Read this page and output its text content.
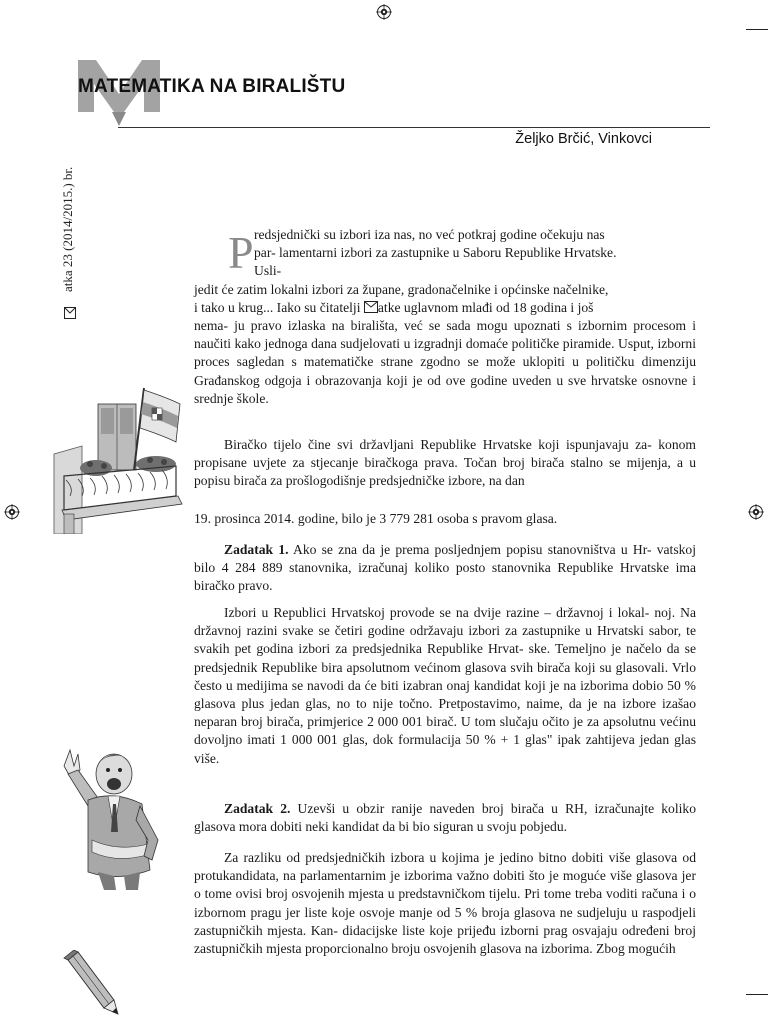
MATEMATIKA NA BIRALIŠTU
Željko Brčić, Vinkovci
atka 23 (2014/2015.) br.	P redsjednički su izbori iza nas, no već potkraj godine očekuju nas
par- lamentarni izbori za zastupnike u Saboru Republike Hrvatske.
Usli-
jedit će zatim lokalni izbori za župane, gradonačelnike i općinske načelnike,
i tako u krug... Iako su čitatelji atke uglavnom mlađi od 18 godina i još
nema- ju pravo izlaska na birališta, već se sada mogu upoznati s izbornim procesom i naučiti kako jednoga dana sudjelovati u izgradnji domaće političke piramide. Usput, izborni proces sagledan s matematičke strane zgodno se može uklopiti u političku dimenziju Građanskog odgoja i obrazovanja koji je od ove godine uveden u sve hrvatske osnovne i srednje škole.
Biračko tijelo čine svi državljani Republike Hrvatske koji ispunjavaju za- konom propisane uvjete za stjecanje biračkoga prava. Točan broj birača stalno se mijenja, a u popisu birača za prošlogodišnje predsjedničke izbore, na dan
19. prosinca 2014. godine, bilo je 3 779 281 osoba s pravom glasa.
Zadatak 1. Ako se zna da je prema posljednjem popisu stanovništva u Hr- vatskoj bilo 4 284 889 stanovnika, izračunaj koliko posto stanovnika Republike Hrvatske ima biračko pravo.
Izbori u Republici Hrvatskoj provode se na dvije razine – državnoj i lokal- noj. Na državnoj razini svake se četiri godine održavaju izbori za zastupnike u Hrvatski sabor, te svakih pet godina izbori za predsjednika Republike Hrvat- ske. Temeljno je načelo da se predsjednik Republike bira apsolutnom većinom glasova svih birača koji su glasovali. Vrlo često u medijima se navodi da će biti izabran onaj kandidat koji je na izborima dobio 50 % glasova plus jedan glas, no to nije točno. Pretpostavimo, naime, da je na izbore izašao neparan broj birača, primjerice 2 000 001 birač. U tom slučaju očito je za apsolutnu većinu dovoljno imati 1 000 001 glas, dok formulacija 50 % + 1 glas" ipak zahtijeva jedan glas više.
Zadatak 2. Uzevši u obzir ranije naveden broj birača u RH, izračunajte koliko glasova mora dobiti neki kandidat da bi bio siguran u svoju pobjedu.
Za razliku od predsjedničkih izbora u kojima je jedino bitno dobiti više glasova od protukandidata, na parlamentarnim je izborima važno dobiti što je moguće više glasova jer o tome ovisi broj osvojenih mjesta u predstavničkom tijelu. Pri tome treba voditi računa i o izbornom pragu jer liste koje osvoje manje od 5 % broja glasova ne sudjeluju u raspodjeli zastupničkih mjesta. Kan- didacijske liste koje prijeđu izborni prag osvajaju određeni broj zastupničkih mjesta proporcionalno broju osvojenih glasova na izborima. Zbog mogućih
